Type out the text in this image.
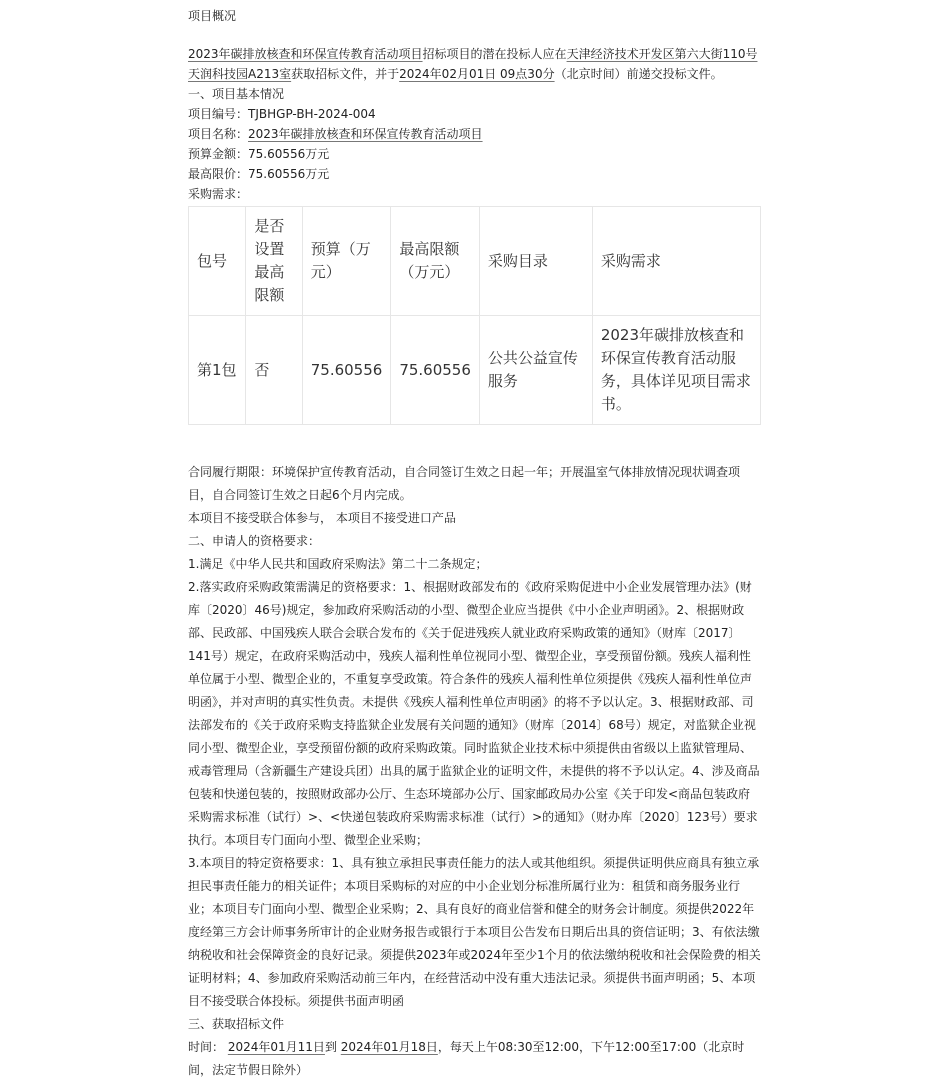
项目概况
2023年碳排放核查和环保宣传教育活动项目招标项目的潜在投标人应在天津经济技术开发区第六大街110号天润科技园A213室获取招标文件，并于2024年02月01日 09点30分（北京时间）前递交投标文件。
一、项目基本情况
项目编号：TJBHGP-BH-2024-004
项目名称：2023年碳排放核查和环保宣传教育活动项目
预算金额：75.60556万元
最高限价：75.60556万元
采购需求：
包号	是否设置最高限额	预算（万元）	最高限额（万元）	采购目录	采购需求
第1包	否	75.60556	75.60556	公共公益宣传服务	2023年碳排放核查和环保宣传教育活动服务，具体详见项目需求书。
合同履行期限：环境保护宣传教育活动，自合同签订生效之日起一年；开展温室气体排放情况现状调查项目，自合同签订生效之日起6个月内完成。
本项目不接受联合体参与， 本项目不接受进口产品
二、申请人的资格要求：
1.满足《中华人民共和国政府采购法》第二十二条规定；
2.落实政府采购政策需满足的资格要求：1、根据财政部发布的《政府采购促进中小企业发展管理办法》(财库〔2020〕46号)规定，参加政府采购活动的小型、微型企业应当提供《中小企业声明函》。2、根据财政部、民政部、中国残疾人联合会联合发布的《关于促进残疾人就业政府采购政策的通知》（财库〔2017〕141号）规定，在政府采购活动中，残疾人福利性单位视同小型、微型企业，享受预留份额。残疾人福利性单位属于小型、微型企业的，不重复享受政策。符合条件的残疾人福利性单位须提供《残疾人福利性单位声明函》，并对声明的真实性负责。未提供《残疾人福利性单位声明函》的将不予以认定。3、根据财政部、司法部发布的《关于政府采购支持监狱企业发展有关问题的通知》（财库〔2014〕68号）规定，对监狱企业视同小型、微型企业，享受预留份额的政府采购政策。同时监狱企业技术标中须提供由省级以上监狱管理局、戒毒管理局（含新疆生产建设兵团）出具的属于监狱企业的证明文件，未提供的将不予以认定。4、涉及商品包装和快递包装的，按照财政部办公厅、生态环境部办公厅、国家邮政局办公室《关于印发<商品包装政府采购需求标准（试行）>、<快递包装政府采购需求标准（试行）>的通知》（财办库〔2020〕123号）要求执行。本项目专门面向小型、微型企业采购；
3.本项目的特定资格要求：1、具有独立承担民事责任能力的法人或其他组织。须提供证明供应商具有独立承担民事责任能力的相关证件；本项目采购标的对应的中小企业划分标准所属行业为：租赁和商务服务业行业；本项目专门面向小型、微型企业采购；2、具有良好的商业信誉和健全的财务会计制度。须提供2022年度经第三方会计师事务所审计的企业财务报告或银行于本项目公告发布日期后出具的资信证明；3、有依法缴纳税收和社会保障资金的良好记录。须提供2023年或2024年至少1个月的依法缴纳税收和社会保险费的相关证明材料；4、参加政府采购活动前三年内，在经营活动中没有重大违法记录。须提供书面声明函；5、本项目不接受联合体投标。须提供书面声明函
三、获取招标文件
时间： 2024年01月11日到 2024年01月18日，每天上午08:30至12:00，下午12:00至17:00（北京时间，法定节假日除外）
